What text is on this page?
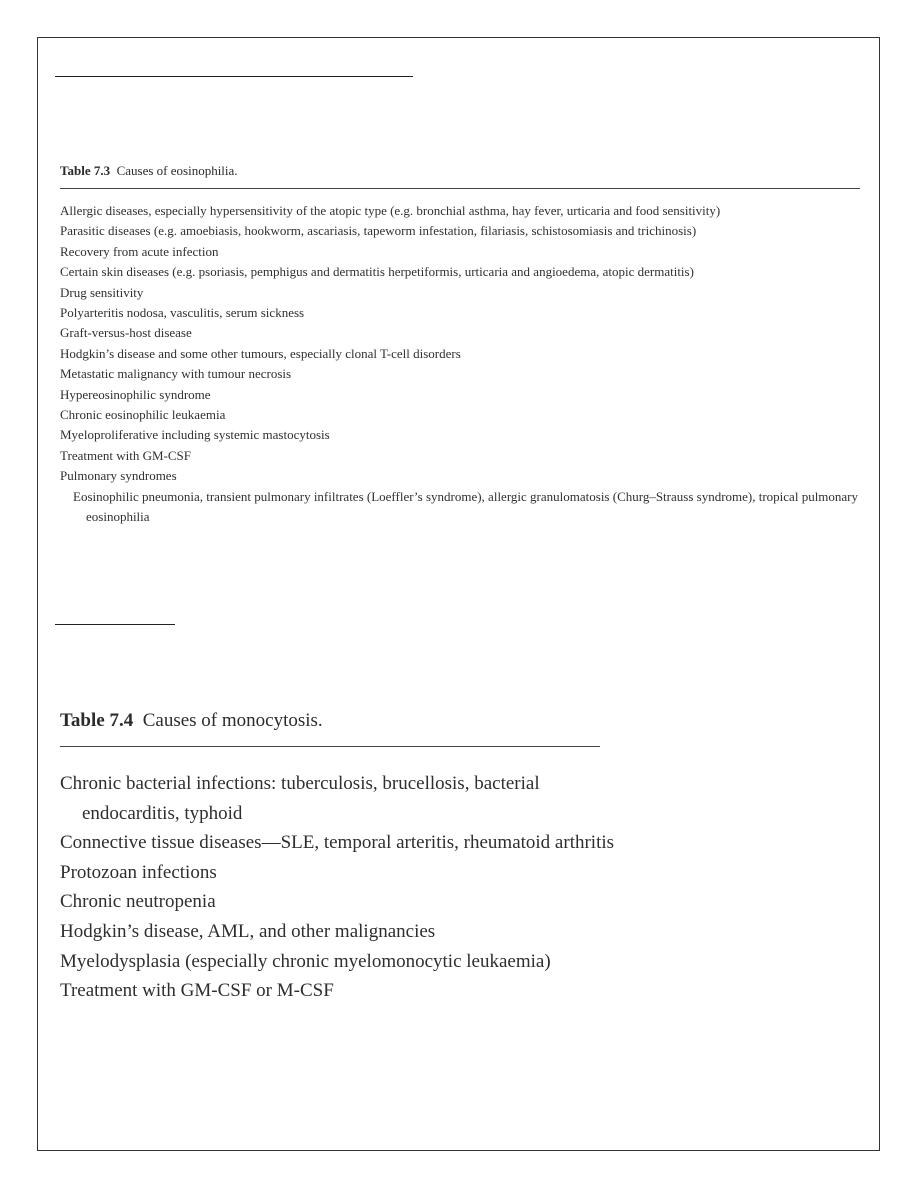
Table 7.3 Causes of eosinophilia.
Allergic diseases, especially hypersensitivity of the atopic type (e.g. bronchial asthma, hay fever, urticaria and food sensitivity)
Parasitic diseases (e.g. amoebiasis, hookworm, ascariasis, tapeworm infestation, filariasis, schistosomiasis and trichinosis)
Recovery from acute infection
Certain skin diseases (e.g. psoriasis, pemphigus and dermatitis herpetiformis, urticaria and angioedema, atopic dermatitis)
Drug sensitivity
Polyarteritis nodosa, vasculitis, serum sickness
Graft-versus-host disease
Hodgkin’s disease and some other tumours, especially clonal T-cell disorders
Metastatic malignancy with tumour necrosis
Hypereosinophilic syndrome
Chronic eosinophilic leukaemia
Myeloproliferative including systemic mastocytosis
Treatment with GM-CSF
Pulmonary syndromes
Eosinophilic pneumonia, transient pulmonary infiltrates (Loeffler’s syndrome), allergic granulomatosis (Churg–Strauss syndrome), tropical pulmonary eosinophilia
Table 7.4 Causes of monocytosis.
Chronic bacterial infections: tuberculosis, brucellosis, bacterial endocarditis, typhoid
Connective tissue diseases—SLE, temporal arteritis, rheumatoid arthritis
Protozoan infections
Chronic neutropenia
Hodgkin’s disease, AML, and other malignancies
Myelodysplasia (especially chronic myelomonocytic leukaemia)
Treatment with GM-CSF or M-CSF
